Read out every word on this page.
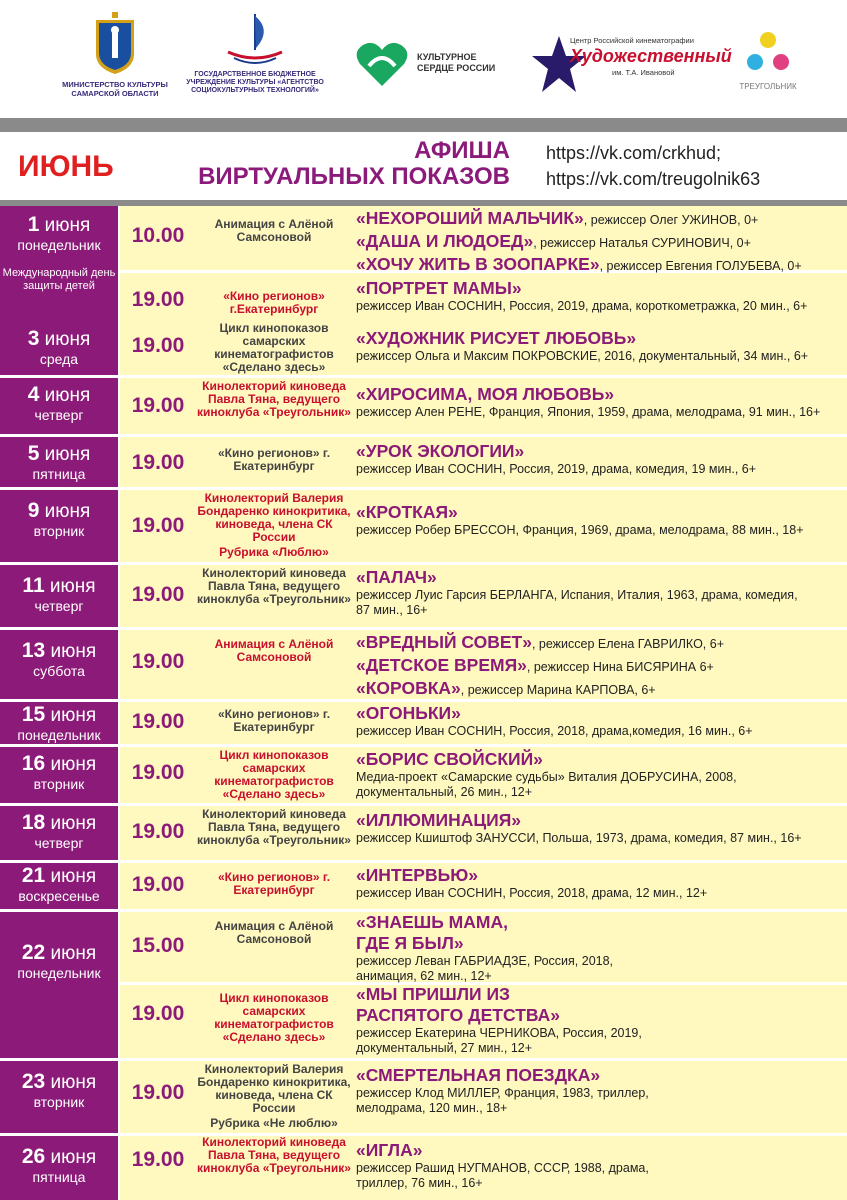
МИНИСТЕРСТВО КУЛЬТУРЫ САМАРСКОЙ ОБЛАСТИ
ГОСУДАРСТВЕННОЕ БЮДЖЕТНОЕ УЧРЕЖДЕНИЕ КУЛЬТУРЫ «АГЕНТСТВО СОЦИОКУЛЬТУРНЫХ ТЕХНОЛОГИЙ»
КУЛЬТУРНОЕ СЕРДЦЕ РОССИИ
Центр Российской кинематографии
Художественный
им. Т.А. Ивановой
ТРЕУГОЛЬНИК
ИЮНЬ	АФИША
ВИРТУАЛЬНЫХ ПОКАЗОВ
https://vk.com/crkhud;
https://vk.com/treugolnik63
1 июня
понедельник
Международный день защиты детей
10.00	Анимация с Алёной Самсоновой
«НЕХОРОШИЙ МАЛЬЧИК», режиссер Олег УЖИНОВ, 0+
«ДАША И ЛЮДОЕД», режиссер Наталья СУРИНОВИЧ, 0+
«ХОЧУ ЖИТЬ В ЗООПАРКЕ», режиссер Евгения ГОЛУБЕВА, 0+
19.00	«Кино регионов» г.Екатеринбург
«ПОРТРЕТ МАМЫ»
режиссер Иван СОСНИН, Россия, 2019, драма, короткометражка, 20 мин., 6+
3 июня
среда
19.00
Цикл кинопоказов самарских кинематографистов «Сделано здесь»
«ХУДОЖНИК РИСУЕТ ЛЮБОВЬ»
режиссер Ольга и Максим ПОКРОВСКИЕ, 2016, документальный, 34 мин., 6+
4 июня
четверг	19.00
Кинолекторий киноведа Павла Тяна, ведущего киноклуба «Треугольник»
«ХИРОСИМА, МОЯ ЛЮБОВЬ»
режиссер Ален РЕНЕ, Франция, Япония, 1959, драма, мелодрама, 91 мин., 16+
5 июня
пятница	19.00	«Кино регионов» г. Екатеринбург
«УРОК ЭКОЛОГИИ»
режиссер Иван СОСНИН, Россия, 2019, драма, комедия, 19 мин., 6+
9 июня
вторник	19.00
Кинолекторий Валерия Бондаренко кинокритика, киноведа, члена СК России
Рубрика «Люблю»
«КРОТКАЯ»
режиссер Робер БРЕССОН, Франция, 1969, драма, мелодрама, 88 мин., 18+
11 июня
четверг	19.00
Кинолекторий киноведа Павла Тяна, ведущего киноклуба «Треугольник»
«ПАЛАЧ»
режиссер Луис Гарсия БЕРЛАНГА, Испания, Италия, 1963, драма, комедия,
87 мин., 16+
13 июня
суббота	19.00
Анимация с Алёной Самсоновой
«ВРЕДНЫЙ СОВЕТ», режиссер Елена ГАВРИЛКО, 6+
«ДЕТСКОЕ ВРЕМЯ», режиссер Нина БИСЯРИНА 6+
«КОРОВКА», режиссер Марина КАРПОВА, 6+
15 июня
понедельник
19.00	«Кино регионов» г. Екатеринбург
«ОГОНЬКИ»
режиссер Иван СОСНИН, Россия, 2018, драма,комедия, 16 мин., 6+
16 июня
вторник	19.00
Цикл кинопоказов самарских кинематографистов «Сделано здесь»
«БОРИС СВОЙСКИЙ»
Медиа-проект «Самарские судьбы» Виталия ДОБРУСИНА, 2008,
документальный, 26 мин., 12+
18 июня
четверг	19.00
Кинолекторий киноведа Павла Тяна, ведущего киноклуба «Треугольник»
«ИЛЛЮМИНАЦИЯ»
режиссер Кшиштоф ЗАНУССИ, Польша, 1973, драма, комедия, 87 мин., 16+
21 июня
воскресенье	19.00	«Кино регионов» г. Екатеринбург
«ИНТЕРВЬЮ»
режиссер Иван СОСНИН, Россия, 2018, драма, 12 мин., 12+
22 июня
понедельник
15.00
Анимация с Алёной Самсоновой
«ЗНАЕШЬ МАМА,
ГДЕ Я БЫЛ»
режиссер Леван ГАБРИАДЗЕ, Россия, 2018,
анимация, 62 мин., 12+
19.00
Цикл кинопоказов самарских кинематографистов «Сделано здесь»
«МЫ ПРИШЛИ ИЗ
РАСПЯТОГО ДЕТСТВА»
режиссер Екатерина ЧЕРНИКОВА, Россия, 2019,
документальный, 27 мин., 12+
23 июня
вторник	19.00
Кинолекторий Валерия Бондаренко кинокритика, киноведа, члена СК России
Рубрика «Не люблю»
«СМЕРТЕЛЬНАЯ ПОЕЗДКА»
режиссер Клод МИЛЛЕР, Франция, 1983, триллер,
мелодрама, 120 мин., 18+
26 июня
пятница
19.00
Кинолекторий киноведа Павла Тяна, ведущего киноклуба «Треугольник»
«ИГЛА»
режиссер Рашид НУГМАНОВ, СССР, 1988, драма,
триллер, 76 мин., 16+
